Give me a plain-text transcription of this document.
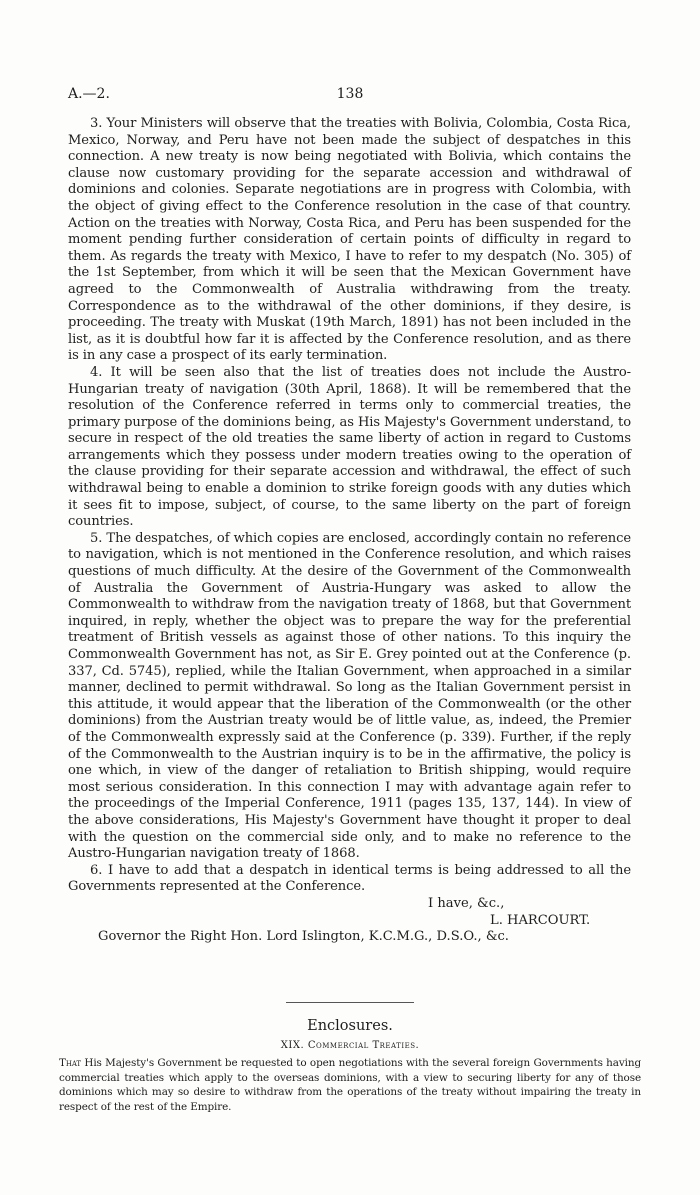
A.—2.	138

3. Your Ministers will observe that the treaties with Bolivia, Colombia, Costa Rica, Mexico, Norway, and Peru have not been made the subject of despatches in this connection. A new treaty is now being negotiated with Bolivia, which contains the clause now customary providing for the separate accession and withdrawal of dominions and colonies. Separate negotiations are in progress with Colombia, with the object of giving effect to the Conference resolution in the case of that country. Action on the treaties with Norway, Costa Rica, and Peru has been suspended for the moment pending further consideration of certain points of difficulty in regard to them. As regards the treaty with Mexico, I have to refer to my despatch (No. 305) of the 1st September, from which it will be seen that the Mexican Government have agreed to the Commonwealth of Australia withdrawing from the treaty. Correspondence as to the withdrawal of the other dominions, if they desire, is proceeding. The treaty with Muskat (19th March, 1891) has not been included in the list, as it is doubtful how far it is affected by the Conference resolution, and as there is in any case a prospect of its early termination.

4. It will be seen also that the list of treaties does not include the Austro-Hungarian treaty of navigation (30th April, 1868). It will be remembered that the resolution of the Conference referred in terms only to commercial treaties, the primary purpose of the dominions being, as His Majesty's Government understand, to secure in respect of the old treaties the same liberty of action in regard to Customs arrangements which they possess under modern treaties owing to the operation of the clause providing for their separate accession and withdrawal, the effect of such withdrawal being to enable a dominion to strike foreign goods with any duties which it sees fit to impose, subject, of course, to the same liberty on the part of foreign countries.

5. The despatches, of which copies are enclosed, accordingly contain no reference to navigation, which is not mentioned in the Conference resolution, and which raises questions of much difficulty. At the desire of the Government of the Commonwealth of Australia the Government of Austria-Hungary was asked to allow the Commonwealth to withdraw from the navigation treaty of 1868, but that Government inquired, in reply, whether the object was to prepare the way for the preferential treatment of British vessels as against those of other nations. To this inquiry the Commonwealth Government has not, as Sir E. Grey pointed out at the Conference (p. 337, Cd. 5745), replied, while the Italian Government, when approached in a similar manner, declined to permit withdrawal. So long as the Italian Government persist in this attitude, it would appear that the liberation of the Commonwealth (or the other dominions) from the Austrian treaty would be of little value, as, indeed, the Premier of the Commonwealth expressly said at the Conference (p. 339). Further, if the reply of the Commonwealth to the Austrian inquiry is to be in the affirmative, the policy is one which, in view of the danger of retaliation to British shipping, would require most serious consideration. In this connection I may with advantage again refer to the proceedings of the Imperial Conference, 1911 (pages 135, 137, 144). In view of the above considerations, His Majesty's Government have thought it proper to deal with the question on the commercial side only, and to make no reference to the Austro-Hungarian navigation treaty of 1868.

6. I have to add that a despatch in identical terms is being addressed to all the Governments represented at the Conference.

I have, &c.,
L. HARCOURT.
Governor the Right Hon. Lord Islington, K.C.M.G., D.S.O., &c.
Enclosures.
XIX. Commercial Treaties.
That His Majesty's Government be requested to open negotiations with the several foreign Governments having commercial treaties which apply to the overseas dominions, with a view to securing liberty for any of those dominions which may so desire to withdraw from the operations of the treaty without impairing the treaty in respect of the rest of the Empire.
